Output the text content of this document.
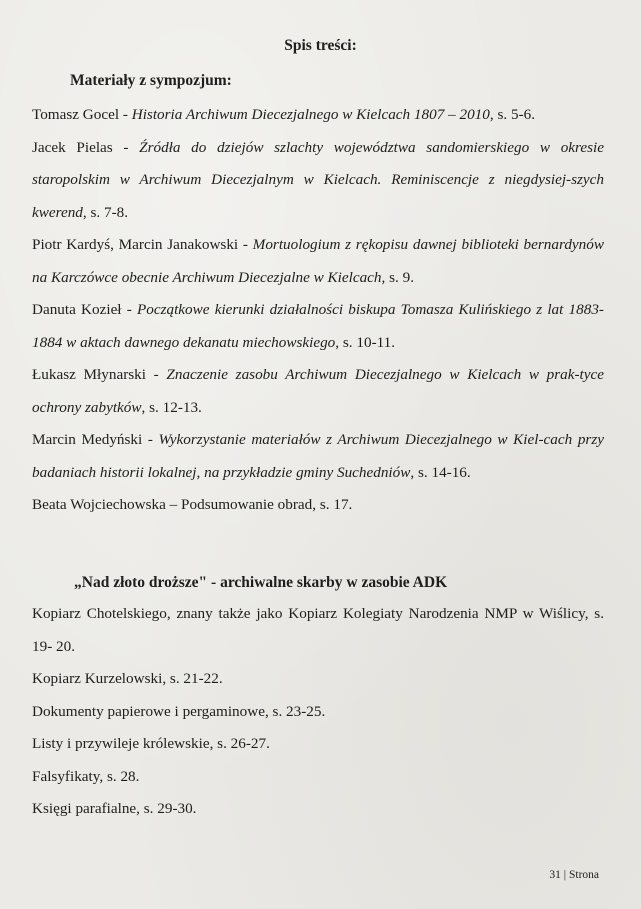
Spis treści:
Materiały z sympozjum:
Tomasz Gocel - Historia Archiwum Diecezjalnego w Kielcach 1807 – 2010, s. 5-6.
Jacek Pielas - Źródła do dziejów szlachty województwa sandomierskiego w okresie staropolskim w Archiwum Diecezjalnym w Kielcach. Reminiscencje z niegdysiej-szych kwerend, s. 7-8.
Piotr Kardyś, Marcin Janakowski - Mortuologium z rękopisu dawnej biblioteki bernardynów na Karczówce obecnie Archiwum Diecezjalne w Kielcach, s. 9.
Danuta Kozieł - Początkowe kierunki działalności biskupa Tomasza Kulińskiego z lat 1883-1884 w aktach dawnego dekanatu miechowskiego, s. 10-11.
Łukasz Młynarski - Znaczenie zasobu Archiwum Diecezjalnego w Kielcach w prak-tyce ochrony zabytków, s. 12-13.
Marcin Medyński - Wykorzystanie materiałów z Archiwum Diecezjalnego w Kiel-cach przy badaniach historii lokalnej, na przykładzie gminy Suchedniów, s. 14-16.
Beata Wojciechowska – Podsumowanie obrad, s. 17.
„Nad złoto droższe" - archiwalne skarby w zasobie ADK
Kopiarz Chotelskiego, znany także jako Kopiarz Kolegiaty Narodzenia NMP w Wiślicy, s. 19- 20.
Kopiarz Kurzelowski, s. 21-22.
Dokumenty papierowe i pergaminowe, s. 23-25.
Listy i przywileje królewskie, s. 26-27.
Falsyfikaty, s. 28.
Księgi parafialne, s. 29-30.
31 | Strona
